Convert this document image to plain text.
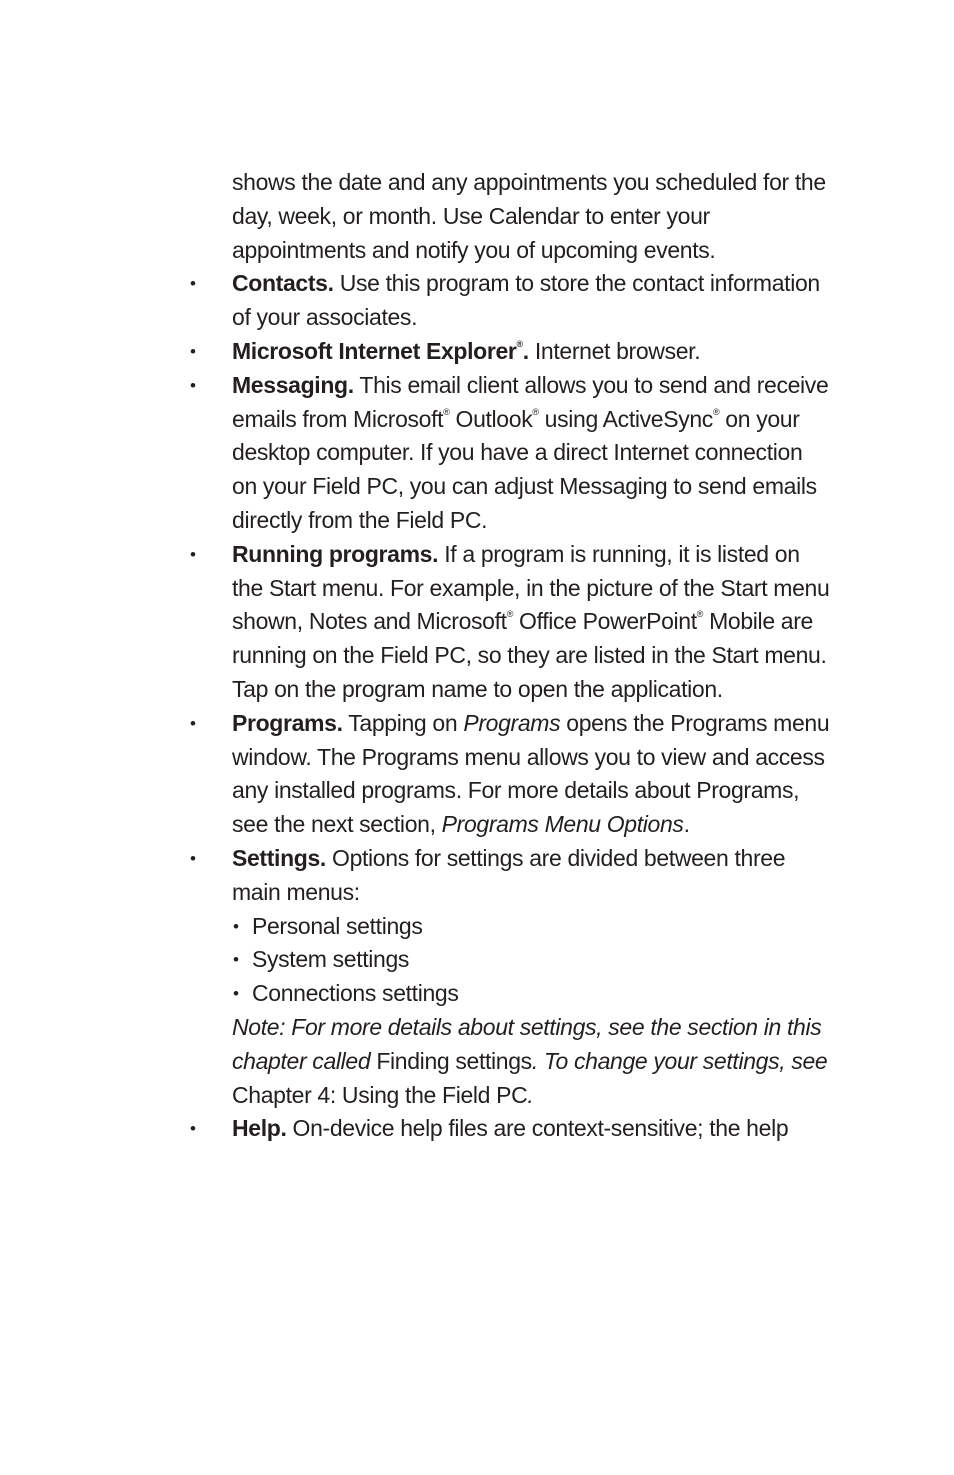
shows the date and any appointments you scheduled for the day, week, or month. Use Calendar to enter your appointments and notify you of upcoming events.

• Contacts. Use this program to store the contact information of your associates.
• Microsoft Internet Explorer®. Internet browser.
• Messaging. This email client allows you to send and receive emails from Microsoft® Outlook® using ActiveSync® on your desktop computer. If you have a direct Internet connection on your Field PC, you can adjust Messaging to send emails directly from the Field PC.
• Running programs. If a program is running, it is listed on the Start menu. For example, in the picture of the Start menu shown, Notes and Microsoft® Office PowerPoint® Mobile are running on the Field PC, so they are listed in the Start menu. Tap on the program name to open the application.
• Programs. Tapping on Programs opens the Programs menu window. The Programs menu allows you to view and access any installed programs. For more details about Programs, see the next section, Programs Menu Options.
• Settings. Options for settings are divided between three main menus:
• Personal settings
• System settings
• Connections settings

Note: For more details about settings, see the section in this chapter called Finding settings. To change your settings, see Chapter 4: Using the Field PC.

• Help. On-device help files are context-sensitive; the help
